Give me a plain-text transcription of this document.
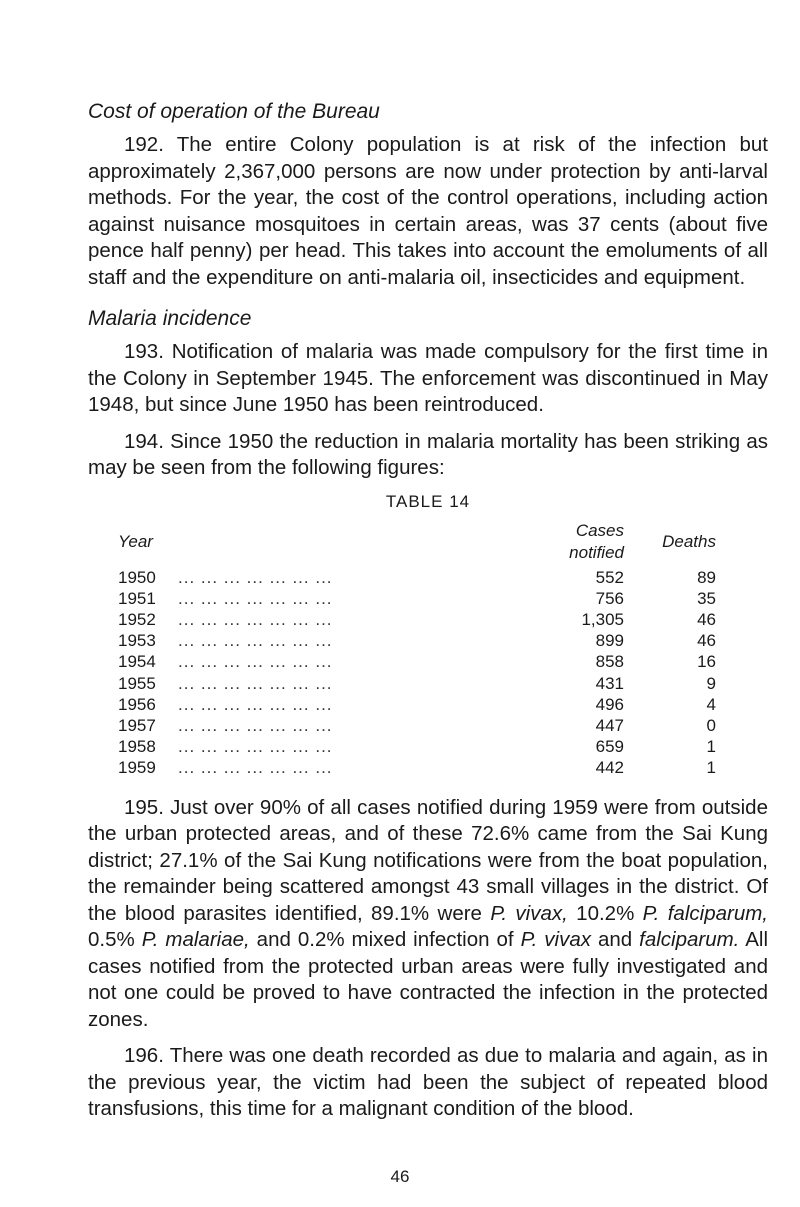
Cost of operation of the Bureau

192. The entire Colony population is at risk of the infection but approximately 2,367,000 persons are now under protection by anti-larval methods. For the year, the cost of the control operations, including action against nuisance mosquitoes in certain areas, was 37 cents (about five pence half penny) per head. This takes into account the emoluments of all staff and the expenditure on anti-malaria oil, insecticides and equipment.

Malaria incidence

193. Notification of malaria was made compulsory for the first time in the Colony in September 1945. The enforcement was discontinued in May 1948, but since June 1950 has been reintroduced.

194. Since 1950 the reduction in malaria mortality has been striking as may be seen from the following figures:

TABLE 14
Year		Cases notified	Deaths
1950	... ... ... ... ... ... ...	552	89
1951	... ... ... ... ... ... ...	756	35
1952	... ... ... ... ... ... ...	1,305	46
1953	... ... ... ... ... ... ...	899	46
1954	... ... ... ... ... ... ...	858	16
1955	... ... ... ... ... ... ...	431	9
1956	... ... ... ... ... ... ...	496	4
1957	... ... ... ... ... ... ...	447	0
1958	... ... ... ... ... ... ...	659	1
1959	... ... ... ... ... ... ...	442	1

195. Just over 90% of all cases notified during 1959 were from outside the urban protected areas, and of these 72.6% came from the Sai Kung district; 27.1% of the Sai Kung notifications were from the boat population, the remainder being scattered amongst 43 small villages in the district. Of the blood parasites identified, 89.1% were P. vivax, 10.2% P. falciparum, 0.5% P. malariae, and 0.2% mixed infection of P. vivax and falciparum. All cases notified from the protected urban areas were fully investigated and not one could be proved to have contracted the infection in the protected zones.

196. There was one death recorded as due to malaria and again, as in the previous year, the victim had been the subject of repeated blood transfusions, this time for a malignant condition of the blood.

46
